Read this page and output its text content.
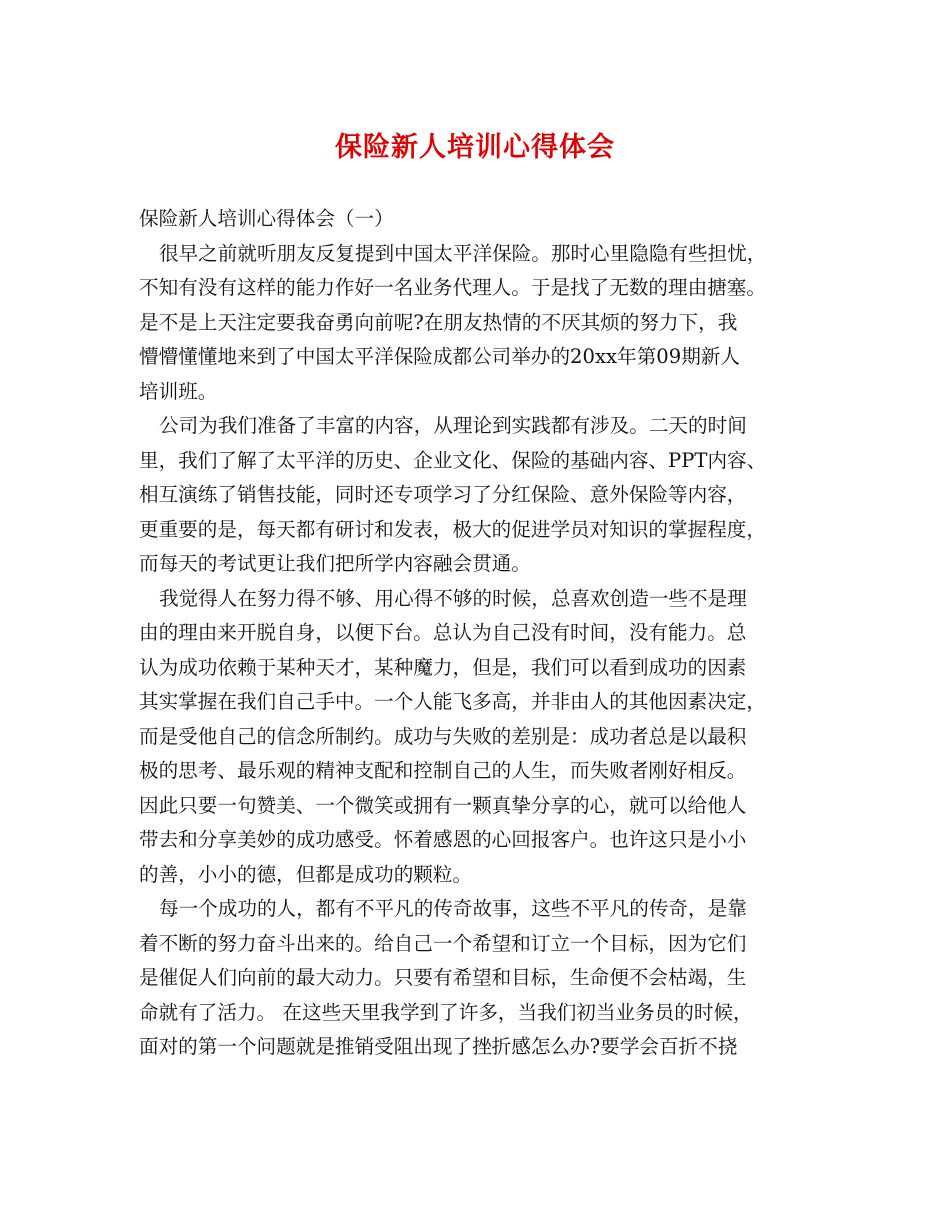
保险新人培训心得体会
保险新人培训心得体会（一）
很早之前就听朋友反复提到中国太平洋保险。那时心里隐隐有些担忧，
不知有没有这样的能力作好一名业务代理人。于是找了无数的理由搪塞。
是不是上天注定要我奋勇向前呢?在朋友热情的不厌其烦的努力下，我
懵懵懂懂地来到了中国太平洋保险成都公司举办的20xx年第09期新人
培训班。
公司为我们准备了丰富的内容，从理论到实践都有涉及。二天的时间
里，我们了解了太平洋的历史、企业文化、保险的基础内容、PPT内容、
相互演练了销售技能，同时还专项学习了分红保险、意外保险等内容，
更重要的是，每天都有研讨和发表，极大的促进学员对知识的掌握程度，
而每天的考试更让我们把所学内容融会贯通。
我觉得人在努力得不够、用心得不够的时候，总喜欢创造一些不是理
由的理由来开脱自身，以便下台。总认为自己没有时间，没有能力。总
认为成功依赖于某种天才，某种魔力，但是，我们可以看到成功的因素
其实掌握在我们自己手中。一个人能飞多高，并非由人的其他因素决定，
而是受他自己的信念所制约。成功与失败的差别是：成功者总是以最积
极的思考、最乐观的精神支配和控制自己的人生，而失败者刚好相反。
因此只要一句赞美、一个微笑或拥有一颗真挚分享的心，就可以给他人
带去和分享美妙的成功感受。怀着感恩的心回报客户。也许这只是小小
的善，小小的德，但都是成功的颗粒。
每一个成功的人，都有不平凡的传奇故事，这些不平凡的传奇，是靠
着不断的努力奋斗出来的。给自己一个希望和订立一个目标，因为它们
是催促人们向前的最大动力。只要有希望和目标，生命便不会枯竭，生
命就有了活力。 在这些天里我学到了许多，当我们初当业务员的时候，
面对的第一个问题就是推销受阻出现了挫折感怎么办?要学会百折不挠
